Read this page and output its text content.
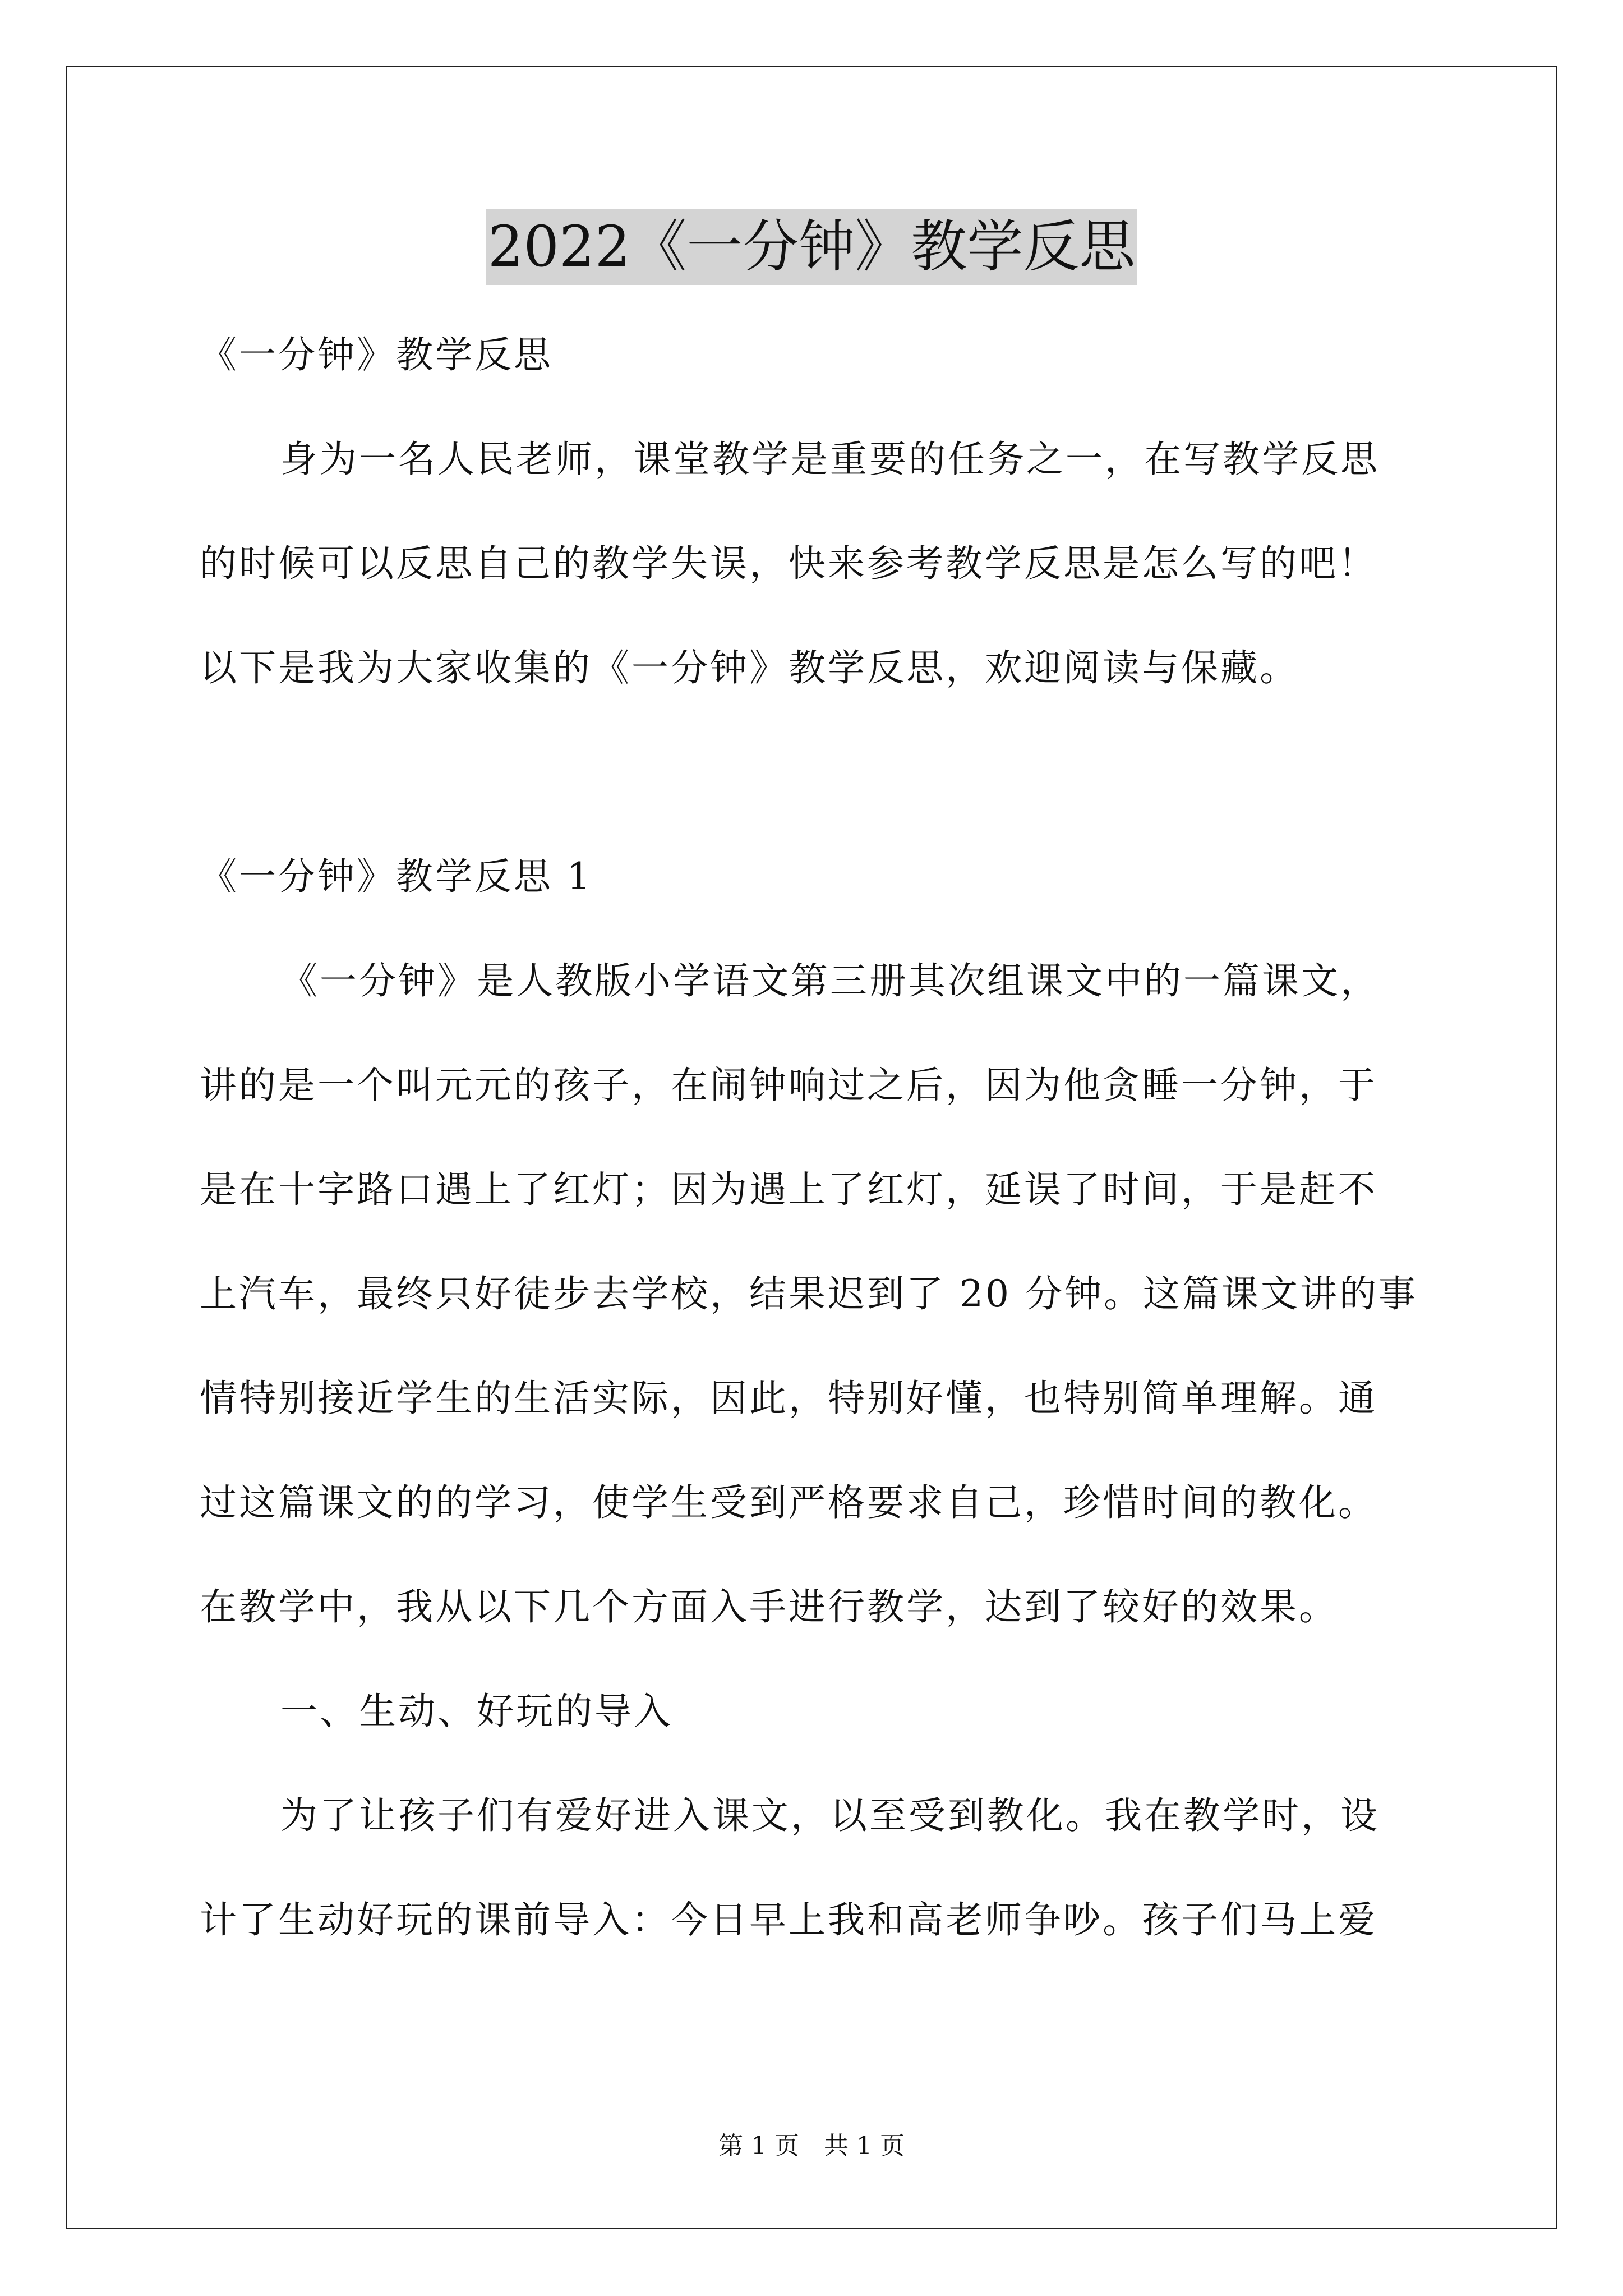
2022《一分钟》教学反思
《一分钟》教学反思
身为一名人民老师，课堂教学是重要的任务之一，在写教学反思
的时候可以反思自己的教学失误，快来参考教学反思是怎么写的吧！
以下是我为大家收集的《一分钟》教学反思，欢迎阅读与保藏。
《一分钟》教学反思 1
《一分钟》是人教版小学语文第三册其次组课文中的一篇课文，
讲的是一个叫元元的孩子，在闹钟响过之后，因为他贪睡一分钟，于
是在十字路口遇上了红灯；因为遇上了红灯，延误了时间，于是赶不
上汽车，最终只好徒步去学校，结果迟到了 20 分钟。这篇课文讲的事
情特别接近学生的生活实际，因此，特别好懂，也特别简单理解。通
过这篇课文的的学习，使学生受到严格要求自己，珍惜时间的教化。
在教学中，我从以下几个方面入手进行教学，达到了较好的效果。
一、生动、好玩的导入
为了让孩子们有爱好进入课文，以至受到教化。我在教学时，设
计了生动好玩的课前导入：今日早上我和高老师争吵。孩子们马上爱
第 1 页　共 1 页
